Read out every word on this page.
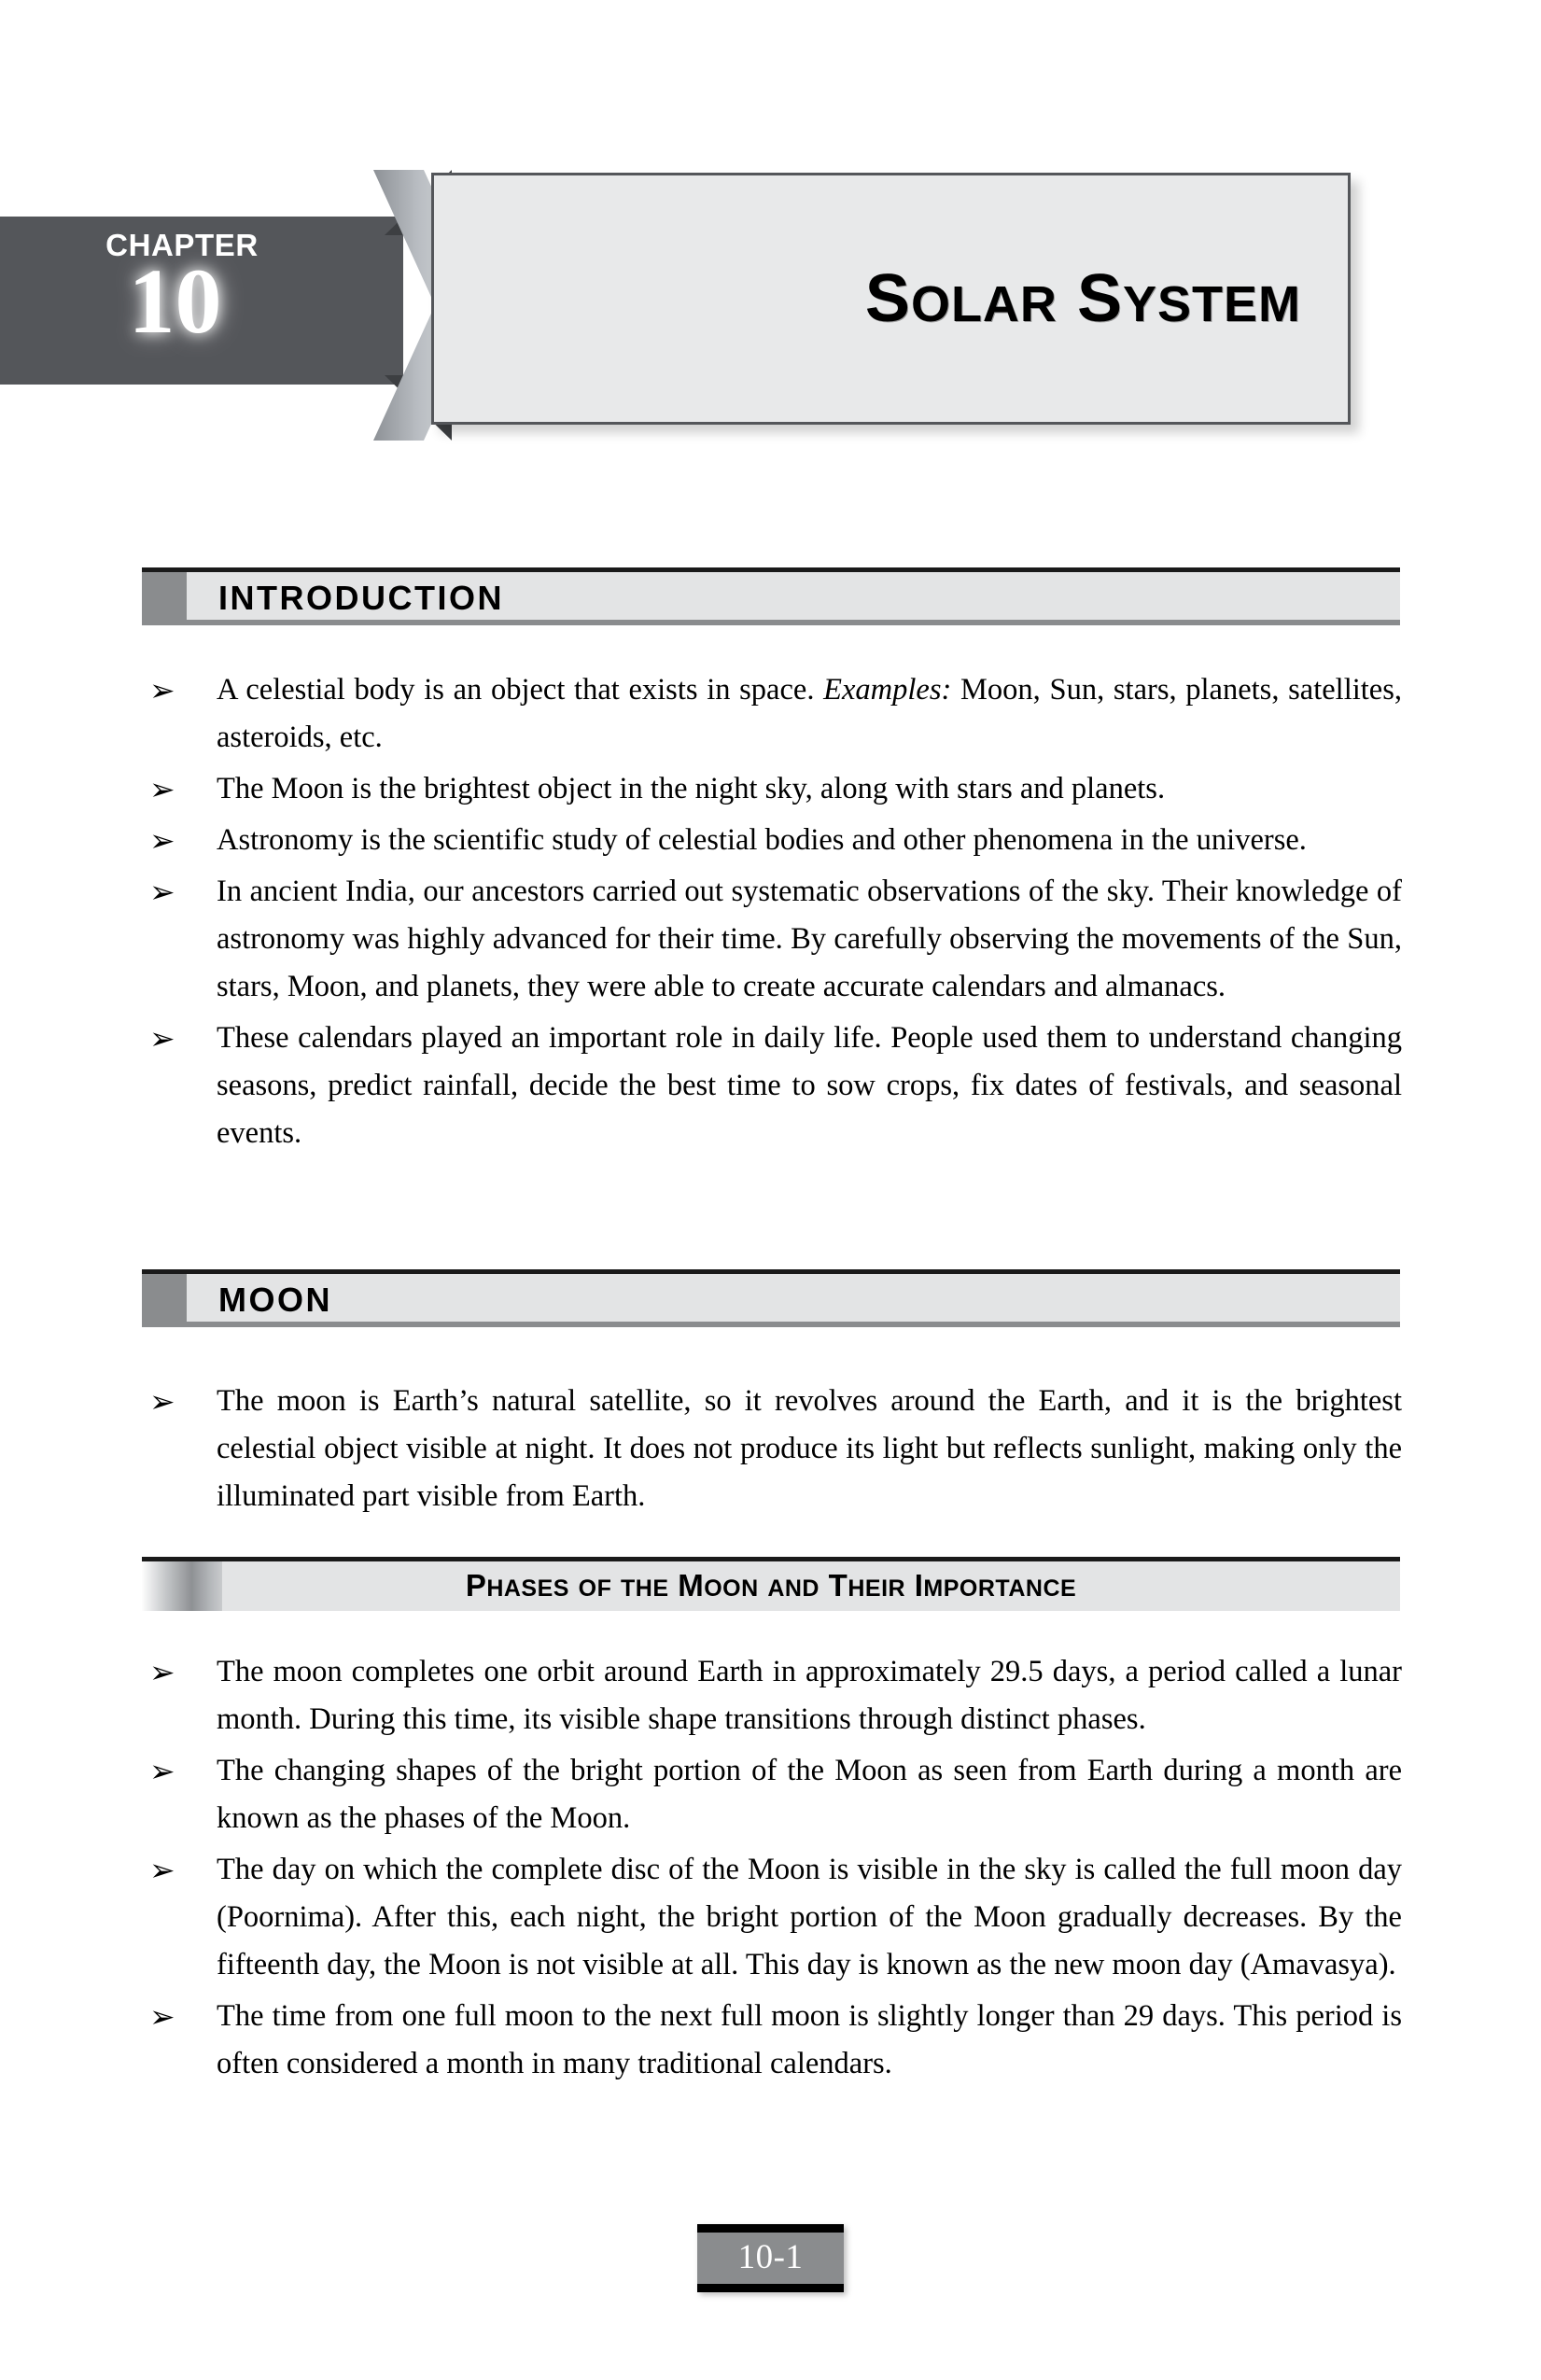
CHAPTER
10	SOLAR SYSTEM
INTRODUCTION
➢ A celestial body is an object that exists in space. Examples: Moon, Sun, stars, planets, satellites, asteroids, etc.
➢ The Moon is the brightest object in the night sky, along with stars and planets.
➢ Astronomy is the scientific study of celestial bodies and other phenomena in the universe.
➢ In ancient India, our ancestors carried out systematic observations of the sky. Their knowledge of astronomy was highly advanced for their time. By carefully observing the movements of the Sun, stars, Moon, and planets, they were able to create accurate calendars and almanacs.
➢ These calendars played an important role in daily life. People used them to understand changing seasons, predict rainfall, decide the best time to sow crops, fix dates of festivals, and seasonal events.
MOON
➢ The moon is Earth’s natural satellite, so it revolves around the Earth, and it is the brightest celestial object visible at night. It does not produce its light but reflects sunlight, making only the illuminated part visible from Earth.
PHASES OF THE MOON AND THEIR IMPORTANCE
➢ The moon completes one orbit around Earth in approximately 29.5 days, a period called a lunar month. During this time, its visible shape transitions through distinct phases.
➢ The changing shapes of the bright portion of the Moon as seen from Earth during a month are known as the phases of the Moon.
➢ The day on which the complete disc of the Moon is visible in the sky is called the full moon day (Poornima). After this, each night, the bright portion of the Moon gradually decreases. By the fifteenth day, the Moon is not visible at all. This day is known as the new moon day (Amavasya).
➢ The time from one full moon to the next full moon is slightly longer than 29 days. This period is often considered a month in many traditional calendars.
10-1
